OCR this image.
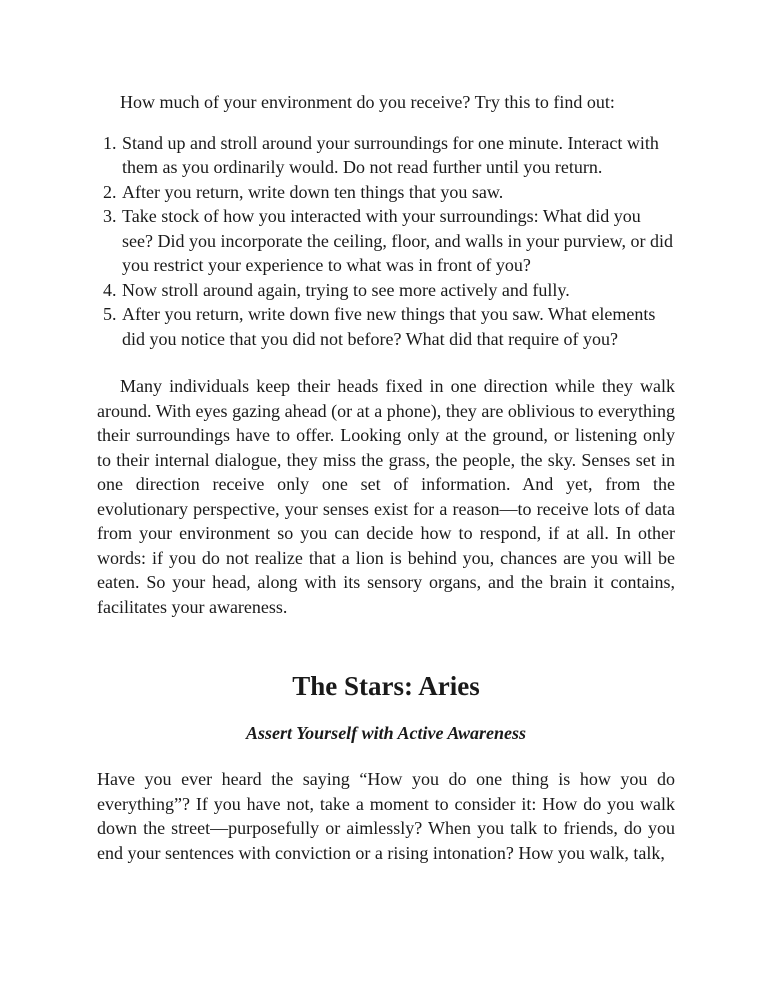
How much of your environment do you receive? Try this to find out:

1. Stand up and stroll around your surroundings for one minute. Interact with them as you ordinarily would. Do not read further until you return.
2. After you return, write down ten things that you saw.
3. Take stock of how you interacted with your surroundings: What did you see? Did you incorporate the ceiling, floor, and walls in your purview, or did you restrict your experience to what was in front of you?
4. Now stroll around again, trying to see more actively and fully.
5. After you return, write down five new things that you saw. What elements did you notice that you did not before? What did that require of you?

Many individuals keep their heads fixed in one direction while they walk around. With eyes gazing ahead (or at a phone), they are oblivious to everything their surroundings have to offer. Looking only at the ground, or listening only to their internal dialogue, they miss the grass, the people, the sky. Senses set in one direction receive only one set of information. And yet, from the evolutionary perspective, your senses exist for a reason—to receive lots of data from your environment so you can decide how to respond, if at all. In other words: if you do not realize that a lion is behind you, chances are you will be eaten. So your head, along with its sensory organs, and the brain it contains, facilitates your awareness.

The Stars: Aries
Assert Yourself with Active Awareness

Have you ever heard the saying “How you do one thing is how you do everything”? If you have not, take a moment to consider it: How do you walk down the street—purposefully or aimlessly? When you talk to friends, do you end your sentences with conviction or a rising intonation? How you walk, talk,
